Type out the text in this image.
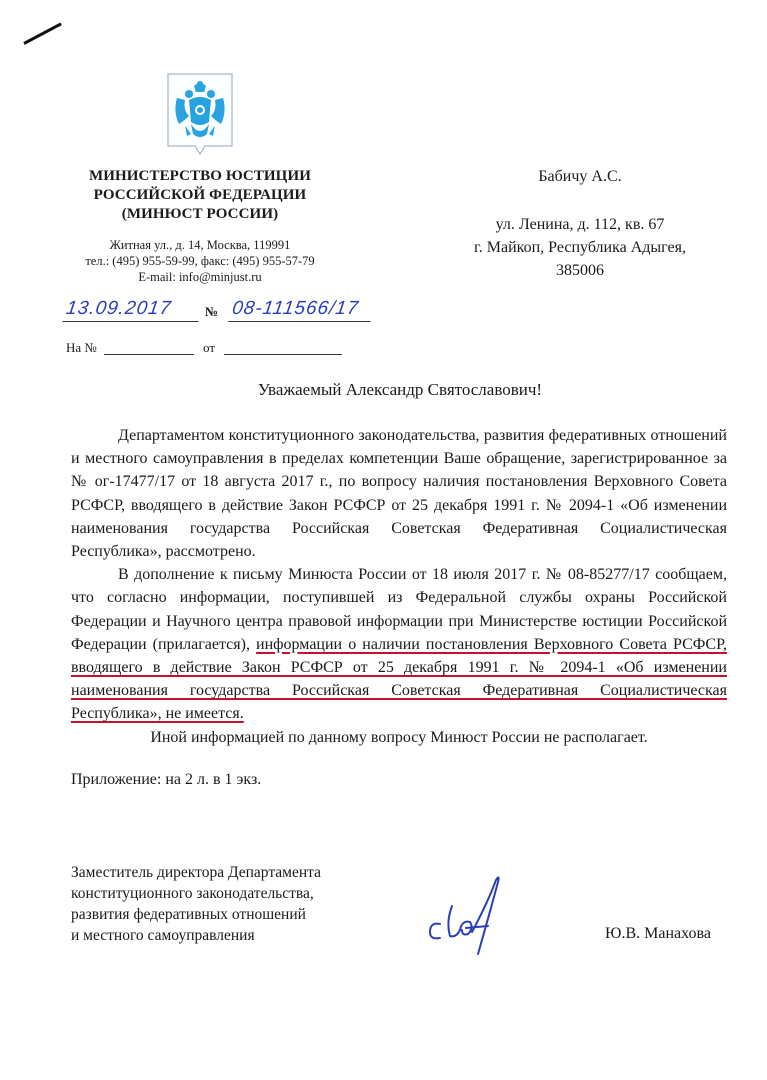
МИНИСТЕРСТВО ЮСТИЦИИ
РОССИЙСКОЙ ФЕДЕРАЦИИ
(МИНЮСТ РОССИИ)
Житная ул., д. 14, Москва, 119991
тел.: (495) 955-59-99, факс: (495) 955-57-79
E-mail: info@minjust.ru
13.09.2017	№ 08-111566/17
На №	от
Бабичу А.С.
ул. Ленина, д. 112, кв. 67
г. Майкоп, Республика Адыгея,
385006
Уважаемый Александр Святославович!

Департаментом конституционного законодательства, развития федеративных отношений и местного самоуправления в пределах компетенции Ваше обращение, зарегистрированное за № ог-17477/17 от 18 августа 2017 г., по вопросу наличия постановления Верховного Совета РСФСР, вводящего в действие Закон РСФСР от 25 декабря 1991 г. № 2094-1 «Об изменении наименования государства Российская Советская Федеративная Социалистическая Республика», рассмотрено.

В дополнение к письму Минюста России от 18 июля 2017 г. № 08-85277/17 сообщаем, что согласно информации, поступившей из Федеральной службы охраны Российской Федерации и Научного центра правовой информации при Министерстве юстиции Российской Федерации (прилагается), информации о наличии постановления Верховного Совета РСФСР, вводящего в действие Закон РСФСР от 25 декабря 1991 г. № 2094-1 «Об изменении наименования государства Российская Советская Федеративная Социалистическая Республика», не имеется.

Иной информацией по данному вопросу Минюст России не располагает.

Приложение: на 2 л. в 1 экз.
Заместитель директора Департамента
конституционного законодательства,
развития федеративных отношений
и местного самоуправления	Ю.В. Манахова
